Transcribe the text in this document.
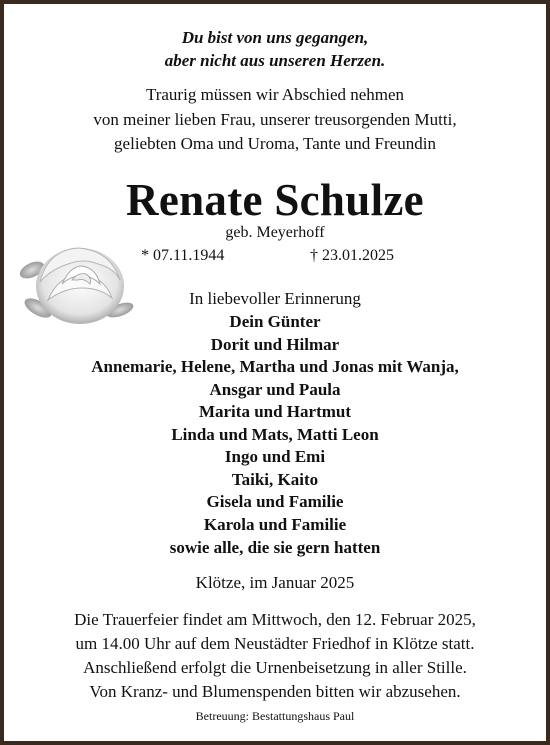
Du bist von uns gegangen,
aber nicht aus unseren Herzen.
Traurig müssen wir Abschied nehmen
von meiner lieben Frau, unserer treusorgenden Mutti,
geliebten Oma und Uroma, Tante und Freundin
Renate Schulze
geb. Meyerhoff
* 07.11.1944	† 23.01.2025
In liebevoller Erinnerung
Dein Günter
Dorit und Hilmar
Annemarie, Helene, Martha und Jonas mit Wanja,
Ansgar und Paula
Marita und Hartmut
Linda und Mats, Matti Leon
Ingo und Emi
Taiki, Kaito
Gisela und Familie
Karola und Familie
sowie alle, die sie gern hatten
Klötze, im Januar 2025
Die Trauerfeier findet am Mittwoch, den 12. Februar 2025,
um 14.00 Uhr auf dem Neustädter Friedhof in Klötze statt.
Anschließend erfolgt die Urnenbeisetzung in aller Stille.
Von Kranz- und Blumenspenden bitten wir abzusehen.
Betreuung: Bestattungshaus Paul
